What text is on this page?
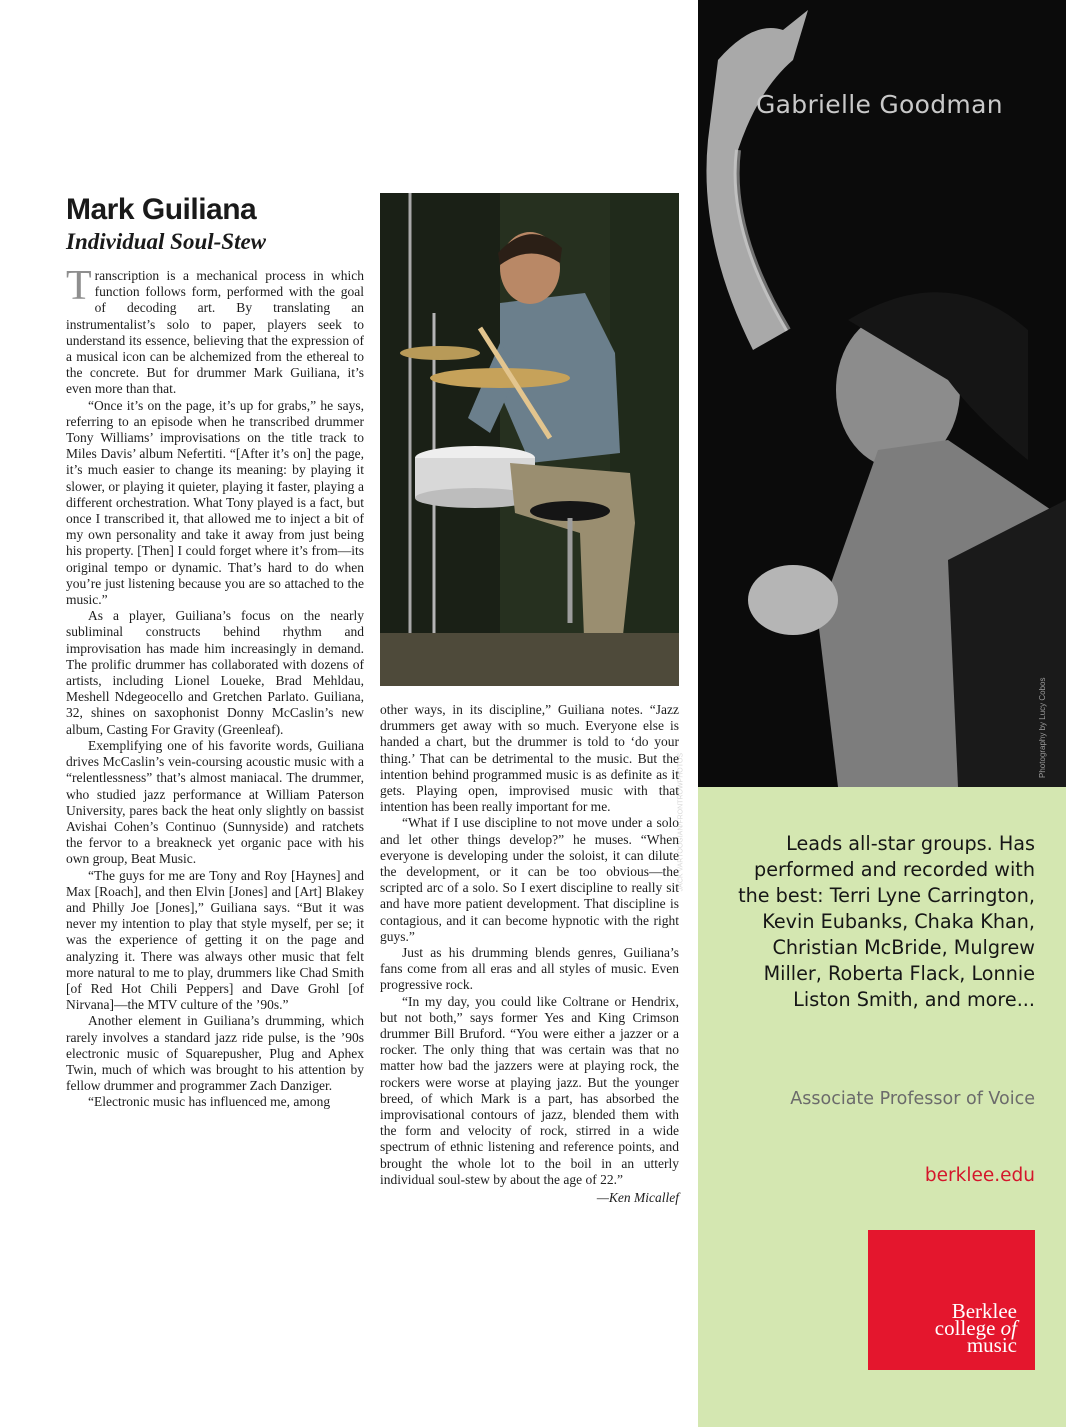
Mark Guiliana
Individual Soul-Stew

Transcription is a mechanical process in which function follows form, performed with the goal of decoding art. By translating an instrumentalist’s solo to paper, players seek to understand its essence, believing that the expression of a musical icon can be alchemized from the ethereal to the concrete. But for drummer Mark Guiliana, it’s even more than that.

“Once it’s on the page, it’s up for grabs,” he says, referring to an episode when he transcribed drummer Tony Williams’ improvisations on the title track to Miles Davis’ album Nefertiti. “[After it’s on] the page, it’s much easier to change its meaning: by playing it slower, or playing it quieter, playing it faster, playing a different orchestration. What Tony played is a fact, but once I transcribed it, that allowed me to inject a bit of my own personality and take it away from just being his property. [Then] I could forget where it’s from—its original tempo or dynamic. That’s hard to do when you’re just listening because you are so attached to the music.”

As a player, Guiliana’s focus on the nearly subliminal constructs behind rhythm and improvisation has made him increasingly in demand. The prolific drummer has collaborated with dozens of artists, including Lionel Loueke, Brad Mehldau, Meshell Ndegeocello and Gretchen Parlato. Guiliana, 32, shines on saxophonist Donny McCaslin’s new album, Casting For Gravity (Greenleaf).

Exemplifying one of his favorite words, Guiliana drives McCaslin’s vein-coursing acoustic music with a “relentlessness” that’s almost maniacal. The drummer, who studied jazz performance at William Paterson University, pares back the heat only slightly on bassist Avishai Cohen’s Continuo (Sunnyside) and ratchets the fervor to a breakneck yet organic pace with his own group, Beat Music.

“The guys for me are Tony and Roy [Haynes] and Max [Roach], and then Elvin [Jones] and [Art] Blakey and Philly Joe [Jones],” Guiliana says. “But it was never my intention to play that style myself, per se; it was the experience of getting it on the page and analyzing it. There was always other music that felt more natural to me to play, drummers like Chad Smith [of Red Hot Chili Peppers] and Dave Grohl [of Nirvana]—the MTV culture of the ’90s.”

Another element in Guiliana’s drumming, which rarely involves a standard jazz ride pulse, is the ’90s electronic music of Squarepusher, Plug and Aphex Twin, much of which was brought to his attention by fellow drummer and programmer Zach Danziger.

“Electronic music has influenced me, among

JACK VARTOOGIAN/FRONTROWPHOTOS

other ways, in its discipline,” Guiliana notes. “Jazz drummers get away with so much. Everyone else is handed a chart, but the drummer is told to ‘do your thing.’ That can be detrimental to the music. But the intention behind programmed music is as definite as it gets. Playing open, improvised music with that intention has been really important for me.

“What if I use discipline to not move under a solo and let other things develop?” he muses. “When everyone is developing under the soloist, it can dilute the development, or it can be too obvious—the scripted arc of a solo. So I exert discipline to really sit and have more patient development. That discipline is contagious, and it can become hypnotic with the right guys.”

Just as his drumming blends genres, Guiliana’s fans come from all eras and all styles of music. Even progressive rock.

“In my day, you could like Coltrane or Hendrix, but not both,” says former Yes and King Crimson drummer Bill Bruford. “You were either a jazzer or a rocker. The only thing that was certain was that no matter how bad the jazzers were at playing rock, the rockers were worse at playing jazz. But the younger breed, of which Mark is a part, has absorbed the improvisational contours of jazz, blended them with the form and velocity of rock, stirred in a wide spectrum of ethnic listening and reference points, and brought the whole lot to the boil in an utterly individual soul-stew by about the age of 22.”

—Ken Micallef
Gabrielle Goodman
Photography by Lucy Cobos
Leads all-star groups. Has performed and recorded with the best: Terri Lyne Carrington, Kevin Eubanks, Chaka Khan, Christian McBride, Mulgrew Miller, Roberta Flack, Lonnie Liston Smith, and more...
Associate Professor of Voice
berklee.edu
Berklee
college of
music
